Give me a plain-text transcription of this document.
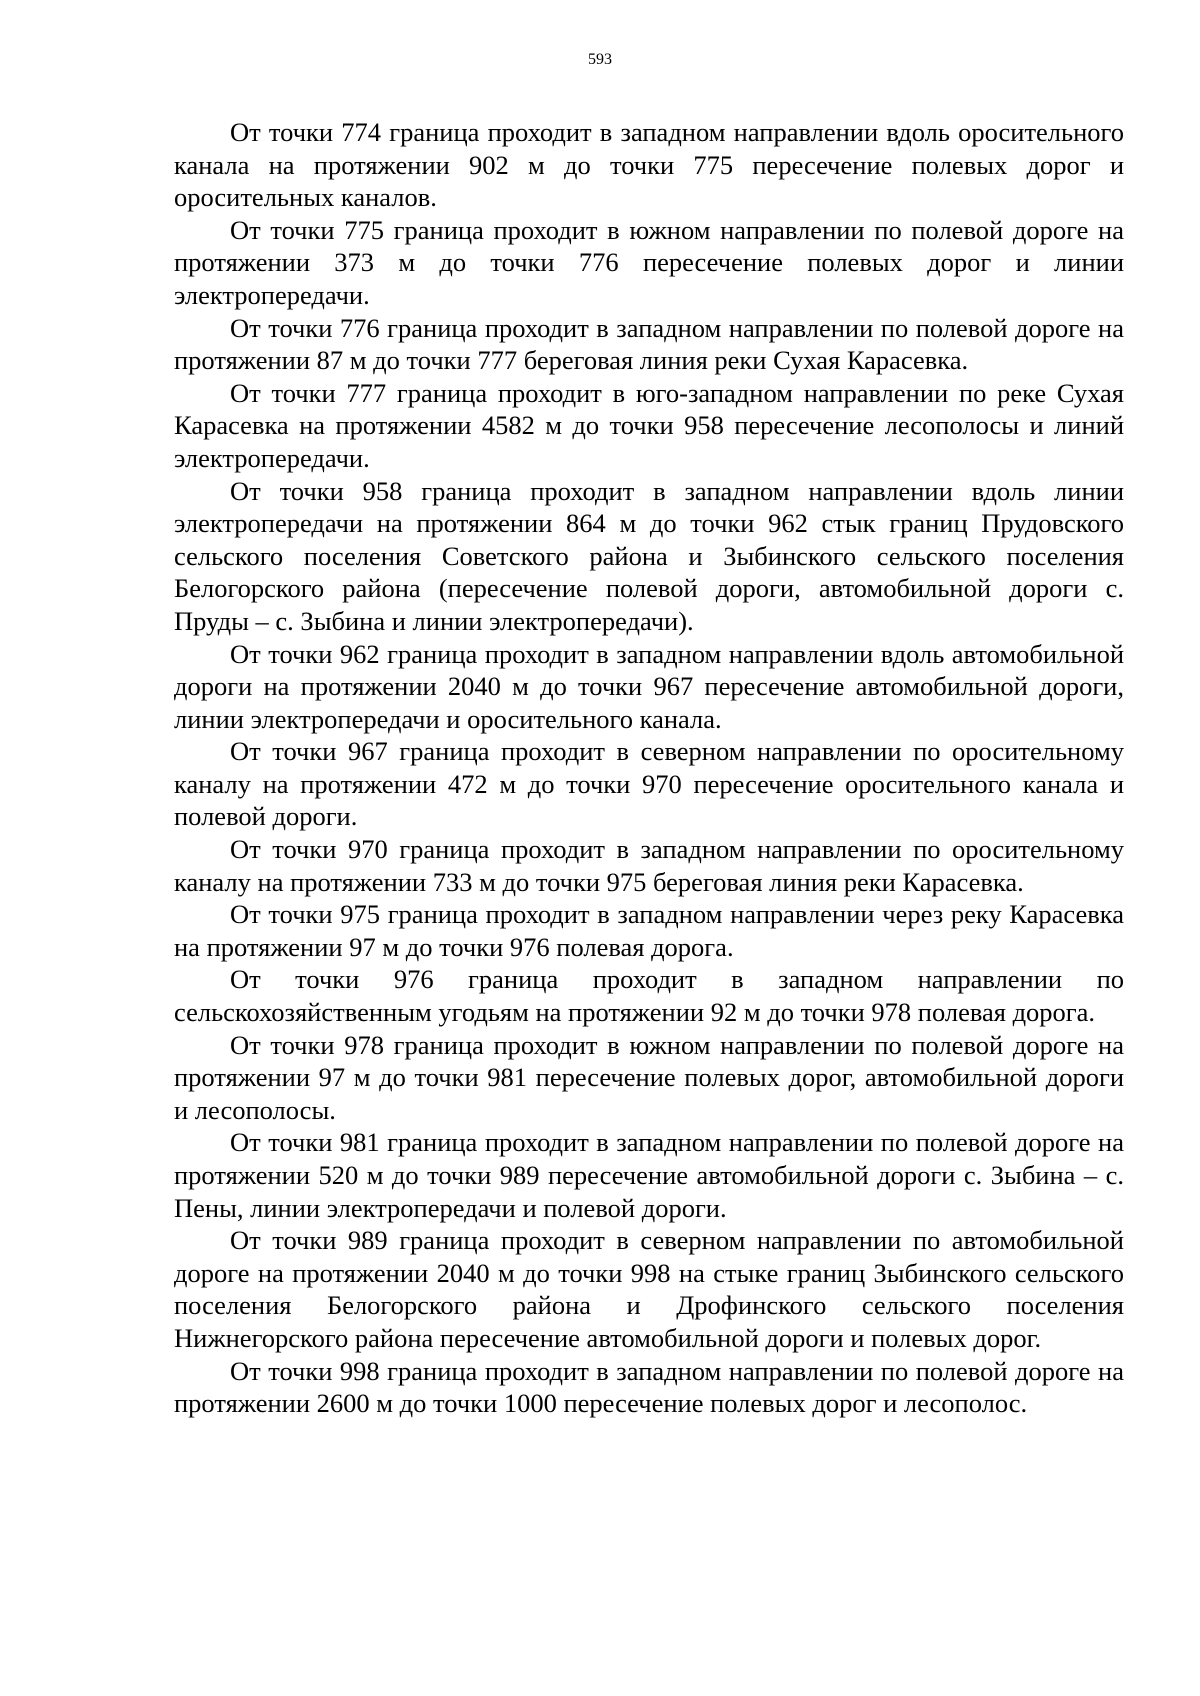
593

От точки 774 граница проходит в западном направлении вдоль оросительного канала на протяжении 902 м до точки 775 пересечение полевых дорог и оросительных каналов.

От точки 775 граница проходит в южном направлении по полевой дороге на протяжении 373 м до точки 776 пересечение полевых дорог и линии электропередачи.

От точки 776 граница проходит в западном направлении по полевой дороге на протяжении 87 м до точки 777 береговая линия реки Сухая Карасевка.

От точки 777 граница проходит в юго-западном направлении по реке Сухая Карасевка на протяжении 4582 м до точки 958 пересечение лесополосы и линий электропередачи.

От точки 958 граница проходит в западном направлении вдоль линии электропередачи на протяжении 864 м до точки 962 стык границ Прудовского сельского поселения Советского района и Зыбинского сельского поселения Белогорского района (пересечение полевой дороги, автомобильной дороги с. Пруды – с. Зыбина и линии электропередачи).

От точки 962 граница проходит в западном направлении вдоль автомобильной дороги на протяжении 2040 м до точки 967 пересечение автомобильной дороги, линии электропередачи и оросительного канала.

От точки 967 граница проходит в северном направлении по оросительному каналу на протяжении 472 м до точки 970 пересечение оросительного канала и полевой дороги.

От точки 970 граница проходит в западном направлении по оросительному каналу на протяжении 733 м до точки 975 береговая линия реки Карасевка.

От точки 975 граница проходит в западном направлении через реку Карасевка на протяжении 97 м до точки 976 полевая дорога.

От точки 976 граница проходит в западном направлении по сельскохозяйственным угодьям на протяжении 92 м до точки 978 полевая дорога.

От точки 978 граница проходит в южном направлении по полевой дороге на протяжении 97 м до точки 981 пересечение полевых дорог, автомобильной дороги и лесополосы.

От точки 981 граница проходит в западном направлении по полевой дороге на протяжении 520 м до точки 989 пересечение автомобильной дороги с. Зыбина – с. Пены, линии электропередачи и полевой дороги.

От точки 989 граница проходит в северном направлении по автомобильной дороге на протяжении 2040 м до точки 998 на стыке границ Зыбинского сельского поселения Белогорского района и Дрофинского сельского поселения Нижнегорского района пересечение автомобильной дороги и полевых дорог.

От точки 998 граница проходит в западном направлении по полевой дороге на протяжении 2600 м до точки 1000 пересечение полевых дорог и лесополос.
